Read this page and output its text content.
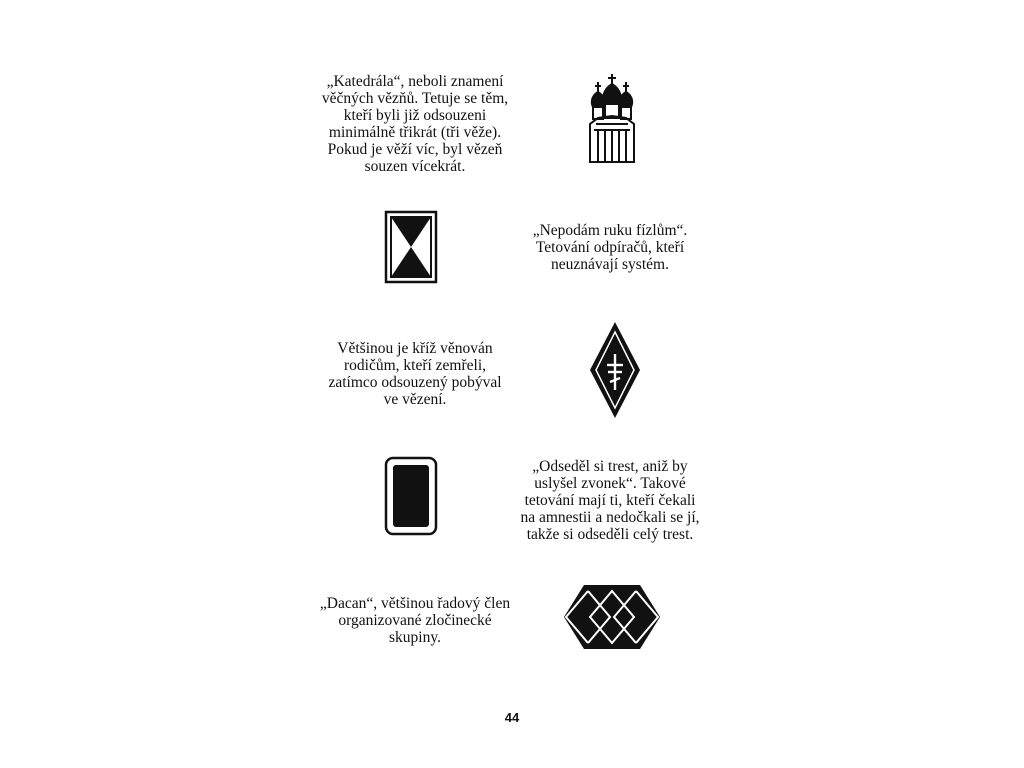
„Katedrála“, neboli znamení
věčných vězňů. Tetuje se těm,
kteří byli již odsouzeni
minimálně třikrát (tři věže).
Pokud je věží víc, byl vězeň
souzen vícekrát.
„Nepodám ruku fízlům“.
Tetování odpíračů, kteří
neuznávají systém.
Většinou je kříž věnován
rodičům, kteří zemřeli,
zatímco odsouzený pobýval
ve vězení.
„Odseděl si trest, aniž by
uslyšel zvonek“. Takové
tetování mají ti, kteří čekali
na amnestii a nedočkali se jí,
takže si odseděli celý trest.
„Dacan“, většinou řadový člen
organizované zločinecké
skupiny.
44
